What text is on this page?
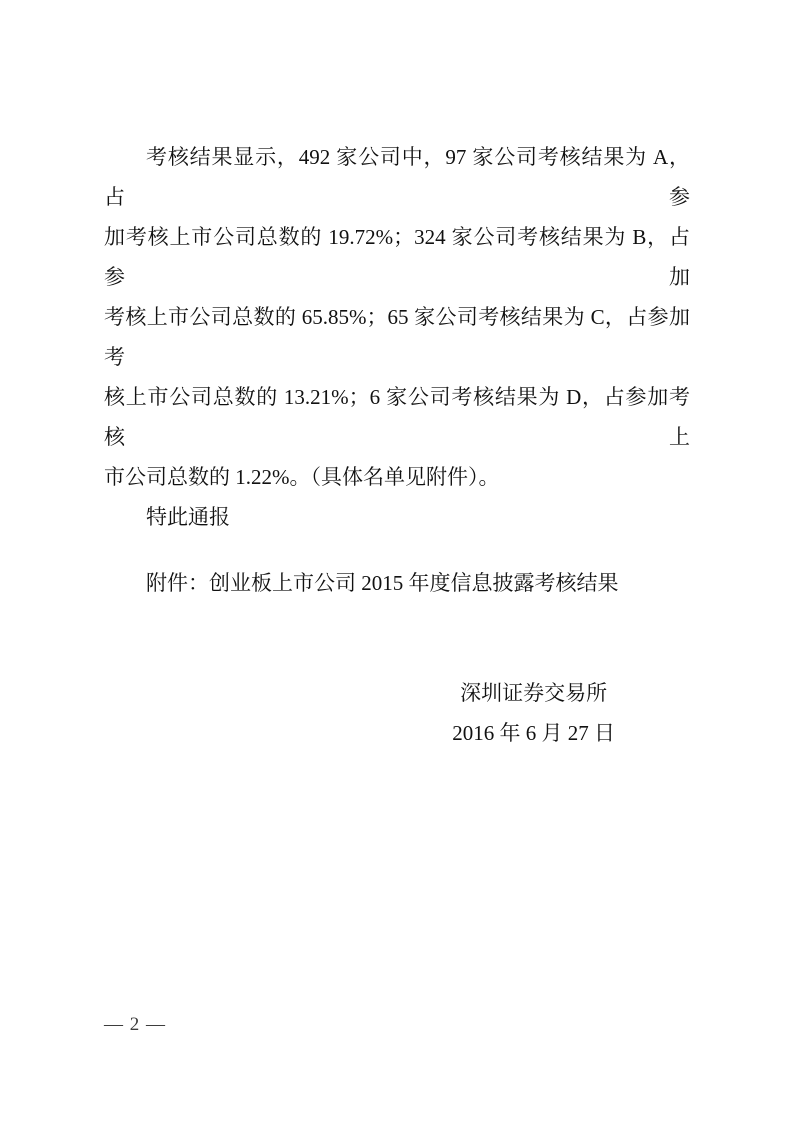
考核结果显示，492 家公司中，97 家公司考核结果为 A，占参
加考核上市公司总数的 19.72%；324 家公司考核结果为 B，占参加
考核上市公司总数的 65.85%；65 家公司考核结果为 C，占参加考
核上市公司总数的 13.21%；6 家公司考核结果为 D，占参加考核上
市公司总数的 1.22%。（具体名单见附件）。
特此通报
附件：创业板上市公司 2015 年度信息披露考核结果
深圳证券交易所
2016 年 6 月 27 日
— 2 —
